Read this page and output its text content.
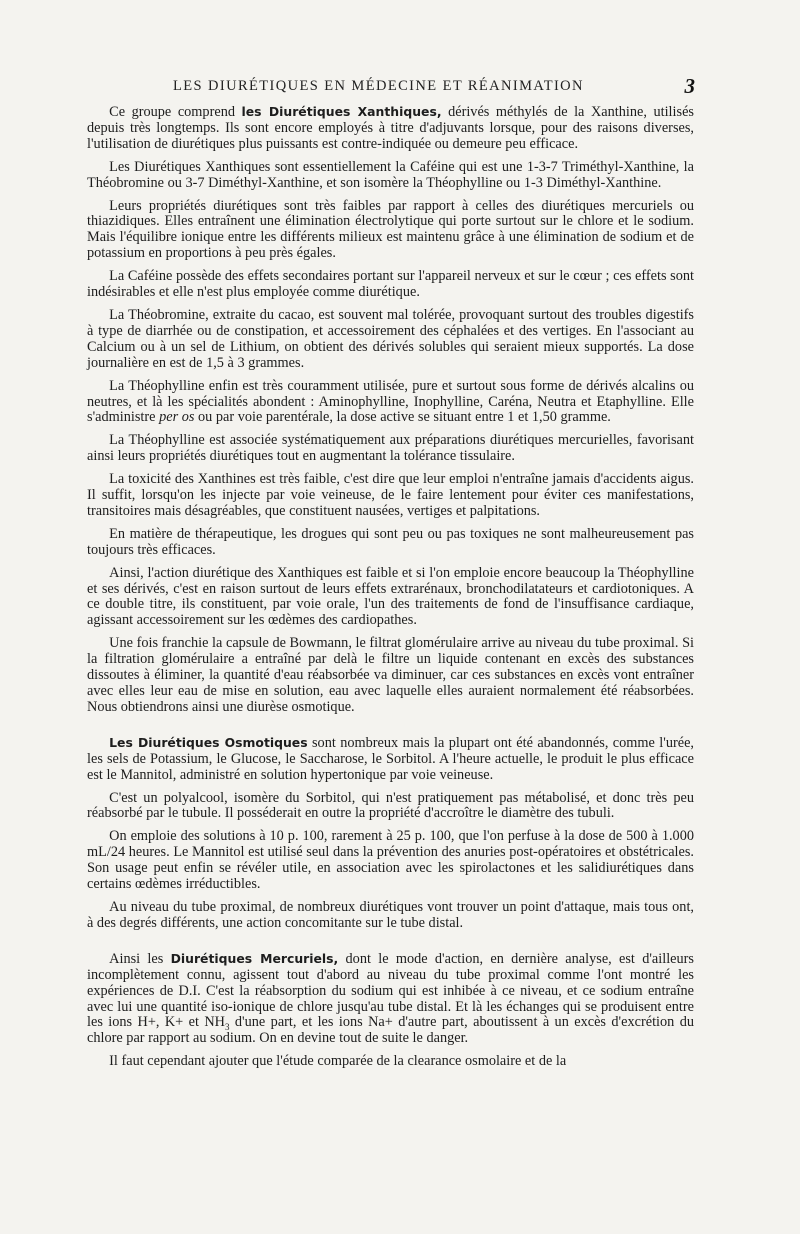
LES DIURÉTIQUES EN MÉDECINE ET RÉANIMATION	3

Ce groupe comprend les Diurétiques Xanthiques, dérivés méthylés de la Xanthine, utilisés depuis très longtemps. Ils sont encore employés à titre d'adjuvants lorsque, pour des raisons diverses, l'utilisation de diurétiques plus puissants est contre-indiquée ou demeure peu efficace.

Les Diurétiques Xanthiques sont essentiellement la Caféine qui est une 1-3-7 Triméthyl-Xanthine, la Théobromine ou 3-7 Diméthyl-Xanthine, et son isomère la Théophylline ou 1-3 Diméthyl-Xanthine.

Leurs propriétés diurétiques sont très faibles par rapport à celles des diurétiques mercuriels ou thiazidiques. Elles entraînent une élimination électrolytique qui porte surtout sur le chlore et le sodium. Mais l'équilibre ionique entre les différents milieux est maintenu grâce à une élimination de sodium et de potassium en proportions à peu près égales.

La Caféine possède des effets secondaires portant sur l'appareil nerveux et sur le cœur ; ces effets sont indésirables et elle n'est plus employée comme diurétique.

La Théobromine, extraite du cacao, est souvent mal tolérée, provoquant surtout des troubles digestifs à type de diarrhée ou de constipation, et accessoirement des céphalées et des vertiges. En l'associant au Calcium ou à un sel de Lithium, on obtient des dérivés solubles qui seraient mieux supportés. La dose journalière en est de 1,5 à 3 grammes.

La Théophylline enfin est très couramment utilisée, pure et surtout sous forme de dérivés alcalins ou neutres, et là les spécialités abondent : Aminophylline, Inophylline, Caréna, Neutra et Etaphylline. Elle s'administre per os ou par voie parentérale, la dose active se situant entre 1 et 1,50 gramme.

La Théophylline est associée systématiquement aux préparations diurétiques mercurielles, favorisant ainsi leurs propriétés diurétiques tout en augmentant la tolérance tissulaire.

La toxicité des Xanthines est très faible, c'est dire que leur emploi n'entraîne jamais d'accidents aigus. Il suffit, lorsqu'on les injecte par voie veineuse, de le faire lentement pour éviter ces manifestations, transitoires mais désagréables, que constituent nausées, vertiges et palpitations.

En matière de thérapeutique, les drogues qui sont peu ou pas toxiques ne sont malheureusement pas toujours très efficaces.

Ainsi, l'action diurétique des Xanthiques est faible et si l'on emploie encore beaucoup la Théophylline et ses dérivés, c'est en raison surtout de leurs effets extrarénaux, bronchodilatateurs et cardiotoniques. A ce double titre, ils constituent, par voie orale, l'un des traitements de fond de l'insuffisance cardiaque, agissant accessoirement sur les œdèmes des cardiopathes.

Une fois franchie la capsule de Bowmann, le filtrat glomérulaire arrive au niveau du tube proximal. Si la filtration glomérulaire a entraîné par delà le filtre un liquide contenant en excès des substances dissoutes à éliminer, la quantité d'eau réabsorbée va diminuer, car ces substances en excès vont entraîner avec elles leur eau de mise en solution, eau avec laquelle elles auraient normalement été réabsorbées. Nous obtiendrons ainsi une diurèse osmotique.

Les Diurétiques Osmotiques sont nombreux mais la plupart ont été abandonnés, comme l'urée, les sels de Potassium, le Glucose, le Saccharose, le Sorbitol. A l'heure actuelle, le produit le plus efficace est le Mannitol, administré en solution hypertonique par voie veineuse.

C'est un polyalcool, isomère du Sorbitol, qui n'est pratiquement pas métabolisé, et donc très peu réabsorbé par le tubule. Il posséderait en outre la propriété d'accroître le diamètre des tubuli.

On emploie des solutions à 10 p. 100, rarement à 25 p. 100, que l'on perfuse à la dose de 500 à 1.000 mL/24 heures. Le Mannitol est utilisé seul dans la prévention des anuries post-opératoires et obstétricales. Son usage peut enfin se révéler utile, en association avec les spirolactones et les salidiurétiques dans certains œdèmes irréductibles.

Au niveau du tube proximal, de nombreux diurétiques vont trouver un point d'attaque, mais tous ont, à des degrés différents, une action concomitante sur le tube distal.

Ainsi les Diurétiques Mercuriels, dont le mode d'action, en dernière analyse, est d'ailleurs incomplètement connu, agissent tout d'abord au niveau du tube proximal comme l'ont montré les expériences de D.I. C'est la réabsorption du sodium qui est inhibée à ce niveau, et ce sodium entraîne avec lui une quantité iso-ionique de chlore jusqu'au tube distal. Et là les échanges qui se produisent entre les ions H+, K+ et $NH_3$ d'une part, et les ions Na+ d'autre part, aboutissent à un excès d'excrétion du chlore par rapport au sodium. On en devine tout de suite le danger.

Il faut cependant ajouter que l'étude comparée de la clearance osmolaire et de la
